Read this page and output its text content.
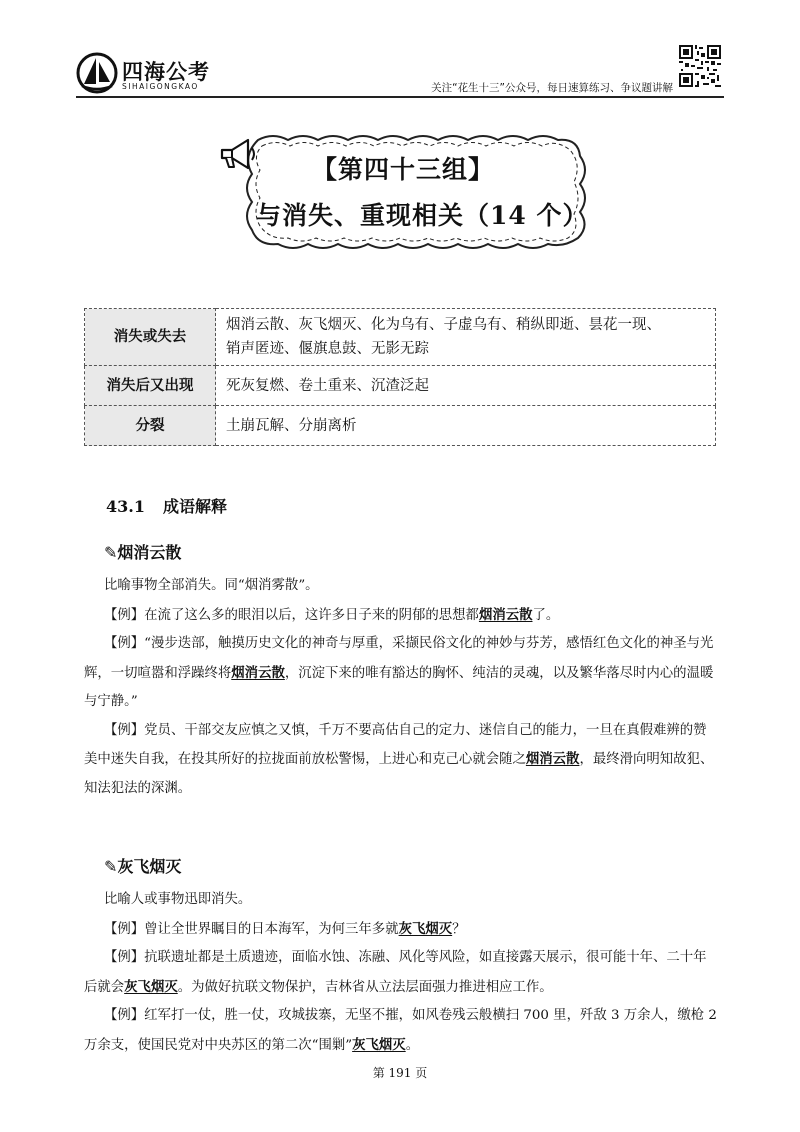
四海公考
SIHAIGONGKAO	关注“花生十三”公众号，每日速算练习、争议题讲解
【第四十三组】
与消失、重现相关（14 个）
消失或失去	烟消云散、灰飞烟灭、化为乌有、子虚乌有、稍纵即逝、昙花一现、
销声匿迹、偃旗息鼓、无影无踪

消失后又出现	死灰复燃、卷土重来、沉渣泛起

分裂	土崩瓦解、分崩离析
43.1 成语解释
✎烟消云散

比喻事物全部消失。同“烟消雾散”。

【例】在流了这么多的眼泪以后，这许多日子来的阴郁的思想都烟消云散了。

【例】“漫步迭部，触摸历史文化的神奇与厚重，采撷民俗文化的神妙与芬芳，感悟红色文化的神圣与光辉，一切喧嚣和浮躁终将烟消云散，沉淀下来的唯有豁达的胸怀、纯洁的灵魂，以及繁华落尽时内心的温暖与宁静。”

【例】党员、干部交友应慎之又慎，千万不要高估自己的定力、迷信自己的能力，一旦在真假难辨的赞美中迷失自我，在投其所好的拉拢面前放松警惕，上进心和克己心就会随之烟消云散，最终滑向明知故犯、知法犯法的深渊。

✎灰飞烟灭

比喻人或事物迅即消失。

【例】曾让全世界瞩目的日本海军，为何三年多就灰飞烟灭？

【例】抗联遗址都是土质遗迹，面临水蚀、冻融、风化等风险，如直接露天展示，很可能十年、二十年后就会灰飞烟灭。为做好抗联文物保护，吉林省从立法层面强力推进相应工作。

【例】红军打一仗，胜一仗，攻城拔寨，无坚不摧，如风卷残云般横扫 700 里，歼敌 3 万余人，缴枪 2 万余支，使国民党对中央苏区的第二次“围剿”灰飞烟灭。

第 191 页
